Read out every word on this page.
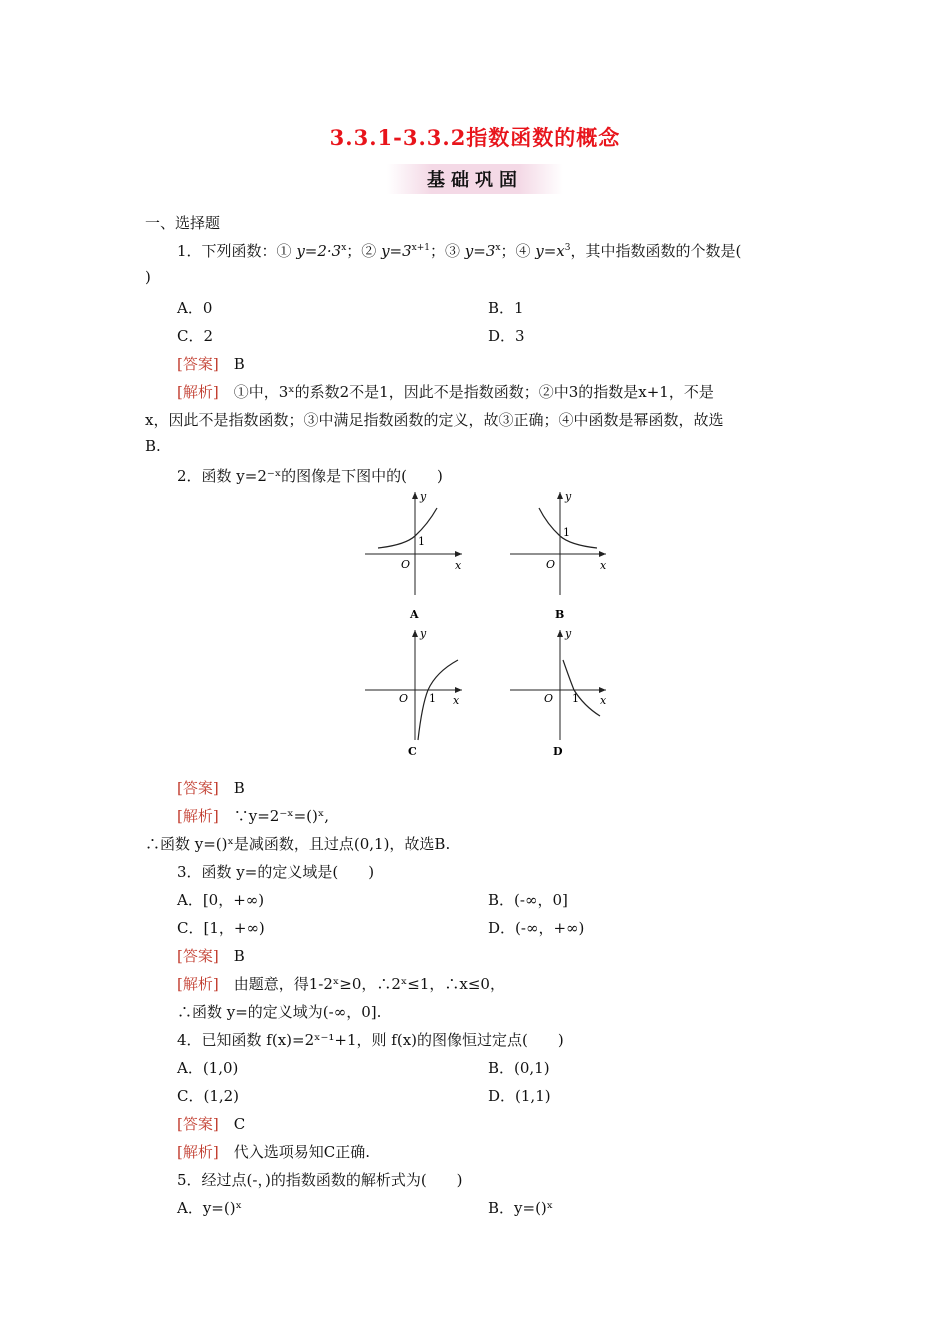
3.3.1-3.3.2指数函数的概念
基础巩固
一、选择题
1．下列函数：① $y=2\cdot 3^x$；② $y=3^{x+1}$；③ $y=3^x$；④ $y=x^3$，其中指数函数的个数是(
)
A．0	B．1
C．2	D．3
[答案]　 B
[解析]　 ①中，3ˣ的系数2不是1，因此不是指数函数；②中3的指数是x+1，不是
x，因此不是指数函数；③中满足指数函数的定义，故③正确；④中函数是幂函数，故选
B.
2．函数 y=2⁻ˣ的图像是下图中的(　　)
y
1
O	x
A
y
1
O	x
B
y
O 1 x
C
y
O 1 x
D
[答案]　 B
[解析]　 ∵y=2⁻ˣ=()ˣ,
∴函数 y=()ˣ是减函数，且过点(0,1)，故选B.
3．函数 y=的定义域是(　　)
A．[0，+∞)	B．(-∞，0]
C．[1，+∞)	D．(-∞，+∞)
[答案]　 B
[解析]　 由题意，得1-2ˣ≥0，∴2ˣ≤1，∴x≤0，
∴函数 y=的定义域为(-∞，0].
4．已知函数 f(x)=2ˣ⁻¹+1，则 f(x)的图像恒过定点(　　)
A．(1,0)	B．(0,1)
C．(1,2)	D．(1,1)
[答案]　 C
[解析]　 代入选项易知C正确.
5．经过点(-，)的指数函数的解析式为(　　)
A．y=()ˣ	B．y=()ˣ
